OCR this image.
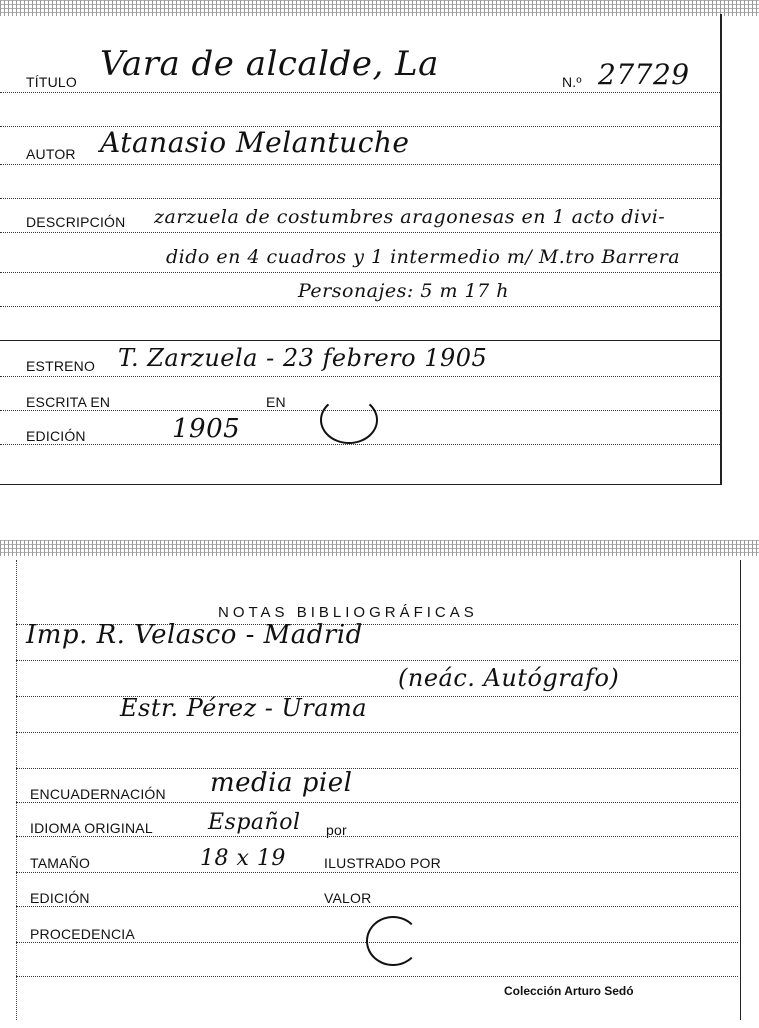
TÍTULO Vara de alcalde, La	N.º 27729
AUTOR Atanasio Melantuche
DESCRIPCIÓN zarzuela de costumbres aragonesas en 1 acto divi-
dido en 4 cuadros y 1 intermedio m/ M.tro Barrera
Personajes: 5 m 17 h
ESTRENO T. Zarzuela - 23 febrero 1905
ESCRITA EN	EN
EDICIÓN	1905
NOTAS BIBLIOGRÁFICAS
Imp. R. Velasco - Madrid
(neác. Autógrafo)
Estr. Pérez - Urama
ENCUADERNACIÓN media piel
IDIOMA ORIGINAL	Español por
TAMAÑO	18 x 19	ILUSTRADO POR
EDICIÓN	VALOR
PROCEDENCIA
Colección Arturo Sedó
